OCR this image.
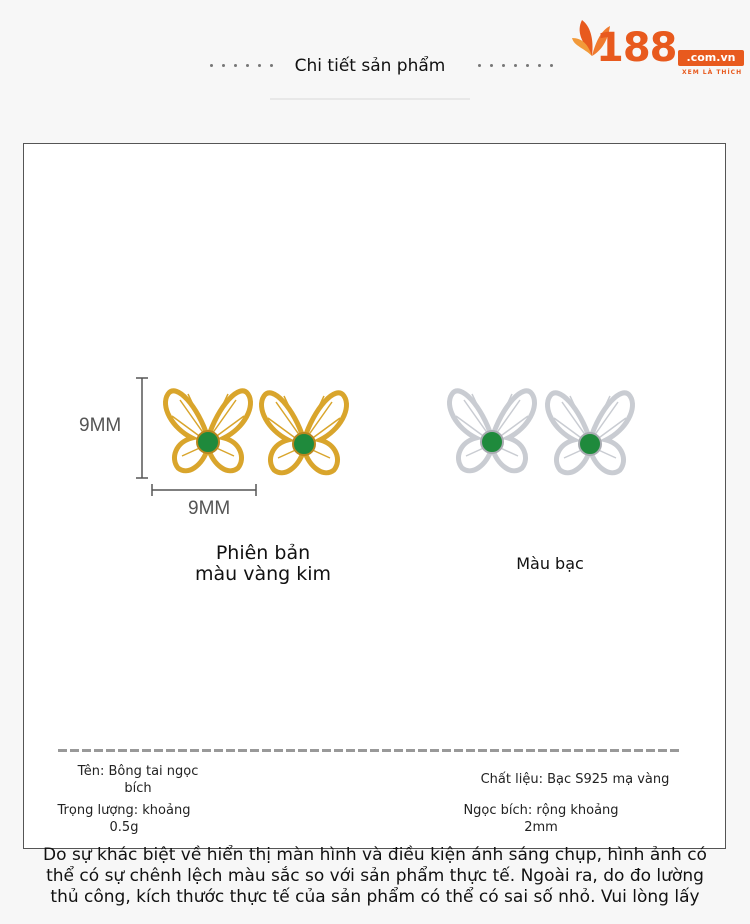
Chi tiết sản phẩm	188 .com.vn
XEM LÀ THÍCH
9MM
9MM
Phiên bản
màu vàng kim	Màu bạc
Tên: Bông tai ngọc
bích
Chất liệu: Bạc S925 mạ vàng
Trọng lượng: khoảng
0.5g
Ngọc bích: rộng khoảng
2mm
Do sự khác biệt về hiển thị màn hình và điều kiện ánh sáng chụp, hình ảnh có
thể có sự chênh lệch màu sắc so với sản phẩm thực tế. Ngoài ra, do đo lường
thủ công, kích thước thực tế của sản phẩm có thể có sai số nhỏ. Vui lòng lấy
